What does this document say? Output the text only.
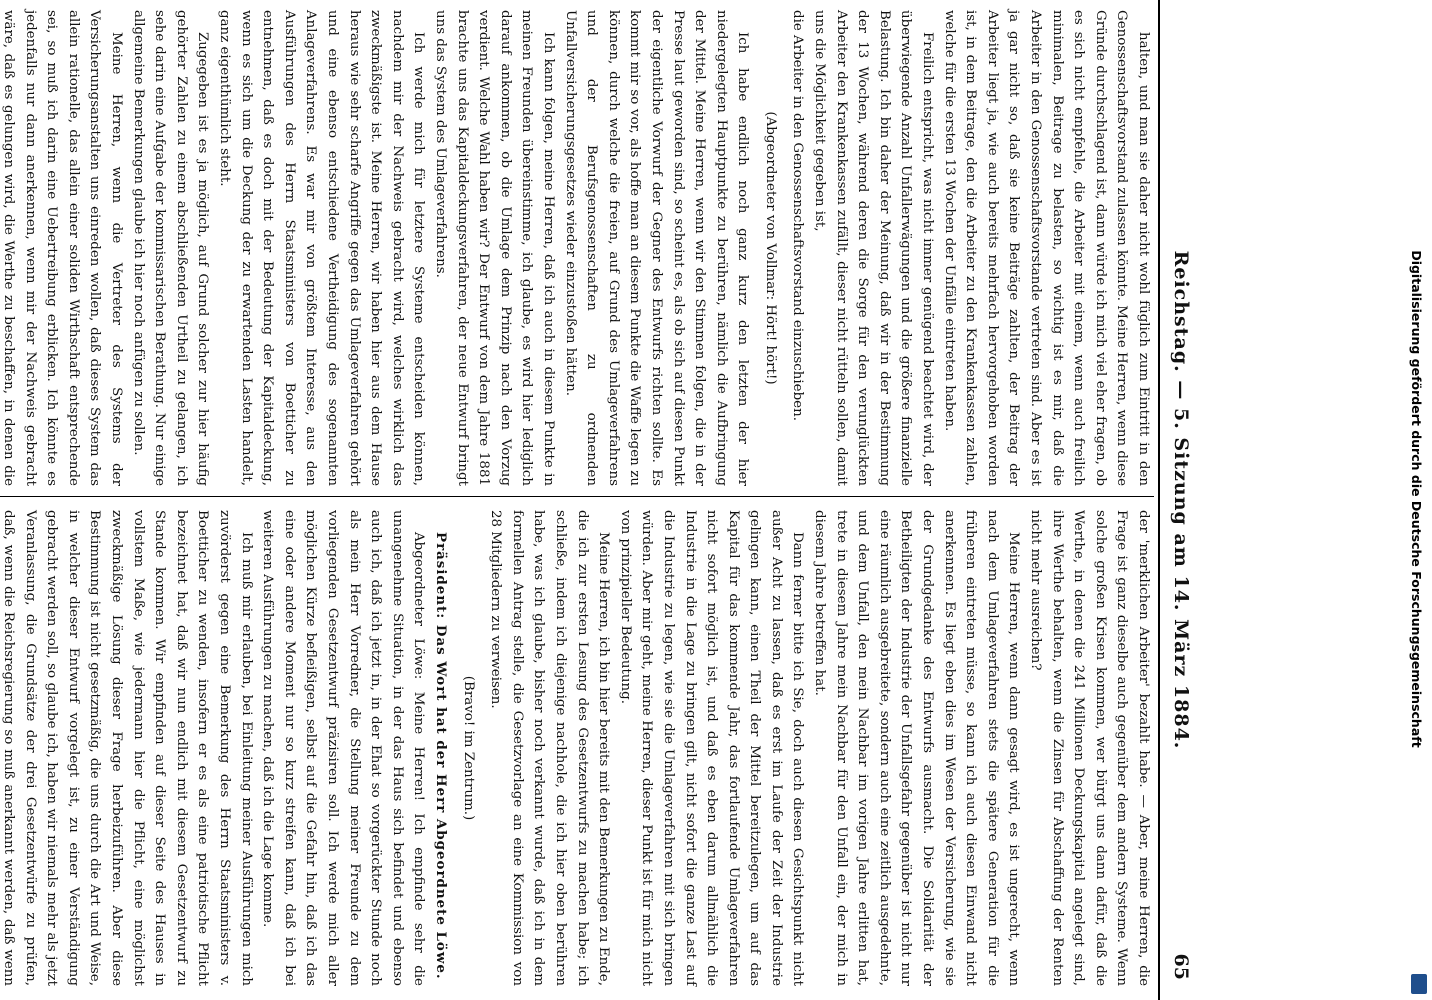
Reichstag. — 5. Sitzung am 14. März 1884.
65

halten, und man sie daher nicht wohl füglich zum Eintritt in den Genossenschaftsvorstand zulassen könnte. Meine Herren, wenn diese Gründe durchschlagend ist, dann würde ich mich viel eher fragen, ob es sich nicht empfehle, die Arbeiter mit einem, wenn auch freilich minimalen, Beitrage zu belasten, so wichtig ist es mir, daß die Arbeiter in den Genossenschaftsvorstande vertreten sind. Aber es ist ja gar nicht so, daß sie keine Beiträge zahlten, der Beitrag der Arbeiter liegt ja, wie auch bereits mehrfach hervorgehoben worden ist, in dem Beitrage, den die Arbeiter zu den Krankenkassen zahlen, welche für die ersten 13 Wochen der Unfälle eintreten haben.

Freilich entspricht, was nicht immer genügend beachtet wird, der überwiegende Anzahl Unfallerwägungen und die größere finanzielle Belastung. Ich bin daher der Meinung, daß wir in der Bestimmung der 13 Wochen, während deren die Sorge für den verunglückten Arbeiter den Krankenkassen zufällt, dieser nicht rütteln sollen, damit uns die Möglichkeit gegeben ist,

die Arbeiter in den Genossenschaftsvorstand einzuschieben.

(Abgeordneter von Vollmar: Hört! hört!)

Ich habe endlich noch ganz kurz den letzten der hier niedergelegten Hauptpunkte zu berühren, nämlich die Aufbringung der Mittel. Meine Herren, wenn wir den Stimmen folgen, die in der Presse laut geworden sind, so scheint es, als ob sich auf diesen Punkt der eigentliche Vorwurf der Gegner des Entwurfs richten sollte. Es kommt mir so vor, als hoffe man an diesem Punkte die Waffe legen zu können, durch welche die freien, auf Grund des Umlageverfahrens und der Berufsgenossenschaften zu ordnenden Unfallversicherungsgesetzes wieder einzustoßen hätten.

Ich kann folgen, meine Herren, daß ich auch in diesem Punkte in meinen Freunden übereinstimme, ich glaube, es wird hier lediglich darauf ankommen, ob die Umlage dem Prinzip nach den Vorzug verdient. Welche Wahl haben wir? Der Entwurf von dem Jahre 1881 brachte uns das Kapitaldeckungsverfahren, der neue Entwurf bringt uns das System des Umlageverfahrens.

Ich werde mich für letztere Systeme entscheiden können, nachdem mir der Nachweis gebracht wird, welches wirklich das zweckmäßigste ist. Meine Herren, wir haben hier aus dem Hause heraus wie sehr scharfe Angriffe gegen das Umlageverfahren gehört und eine ebenso entschiedene Vertheidigung des sogenannten Anlageverfahrens. Es war mir von größtem Interesse, aus den Ausführungen des Herrn Staatsministers von Boetticher zu entnehmen, daß es doch mit der Bedeutung der Kapitaldeckung, wenn es sich um die Deckung der zu erwartenden Lasten handelt, ganz eigenthümlich steht.

Zugegeben ist es ja möglich, auf Grund solcher zur hier häufig gehörter Zahlen zu einem abschließenden Urtheil zu gelangen, ich sehe darin eine Aufgabe der kommissarischen Berathung. Nur einige allgemeine Bemerkungen glaube ich hier noch anfügen zu sollen.

Meine Herren, wenn die Vertreter des Systems der Versicherungsanstalten uns einreden wollen, daß dieses System das allein rationelle, das allein einer soliden Wirthschaft entsprechende sei, so muß ich darin eine Uebertreibung erblicken. Ich könnte es jedenfalls nur dann anerkennen, wenn mir der Nachweis gebracht wäre, daß es gelungen wird, die Werthe zu beschaffen, in denen die

der 'merklichen Arbeiter' bezahlt habe. — Aber, meine Herren, die Frage ist ganz dieselbe auch gegenüber dem andern Systeme. Wenn solche großen Krisen kommen, wer bürgt uns dann dafür, daß die Werthe, in denen die 241 Millionen Deckungskapital angelegt sind, ihre Werthe behalten, wenn die Zinsen für Abschaffung der Renten nicht mehr ausreichen?

Meine Herren, wenn dann gesagt wird, es ist ungerecht, wenn nach dem Umlageverfahren stets die spätere Generation für die früheren eintreten müsse, so kann ich auch diesen Einwand nicht anerkennen. Es liegt eben dies im Wesen der Versicherung, wie sie der Grundgedanke des Entwurfs ausmacht. Die Solidarität der Betheiligten der Industrie der Unfallsgefahr gegenüber ist nicht nur eine räumlich ausgebreitete, sondern auch eine zeitlich ausgedehnte, und dem Unfall, den mein Nachbar im vorigen Jahre erlitten hat, trete in diesem Jahre mein Nachbar für den Unfall ein, der mich in diesem Jahre betreffen hat.

Dann ferner bitte ich Sie, doch auch diesen Gesichtspunkt nicht außer Acht zu lassen, daß es erst im Laufe der Zeit der Industrie gelingen kann, einen Theil der Mittel bereitzulegen, um auf das Kapital für das kommende Jahr, das fortlaufende Umlageverfahren nicht sofort möglich ist, und daß es eben darum allmählich die Industrie in die Lage zu bringen gilt, nicht sofort die ganze Last auf die Industrie zu legen, wie sie die Umlageverfahren mit sich bringen würden. Aber mir geht, meine Herren, dieser Punkt ist für mich nicht von prinzipieller Bedeutung.

Meine Herren, ich bin hier bereits mit den Bemerkungen zu Ende, die ich zur ersten Lesung des Gesetzentwurfs zu machen habe; ich schließe, indem ich diejenige nachhole, die ich hier oben berühren habe, was ich glaube, bisher noch verkannt wurde, daß ich in dem formellen Antrag stelle, die Gesetzvorlage an eine Kommission von 28 Mitgliedern zu verweisen.

(Bravo! im Zentrum.)

Präsident: Das Wort hat der Herr Abgeordnete Löwe.

Abgeordneter Löwe: Meine Herren! Ich empfinde sehr die unangenehme Situation, in der das Haus sich befindet und ebenso auch ich, daß ich jetzt in, in der Ehat so vorgerückter Stunde noch als mein Herr Vorredner, die Stellung meiner Freunde zu dem vorliegenden Gesetzentwurf präzisiren soll. Ich werde mich aller möglichen Kürze befleißigen, selbst auf die Gefahr hin, daß ich das eine oder andere Moment nur so kurz streifen kann, daß ich bei weiteren Ausführungen zu machen, daß ich die Lage komme.

Ich muß mir erlauben, bei Einleitung meiner Ausführungen mich zuvörderst gegen eine Bemerkung des Herrn Staatsministers v. Boetticher zu wenden, insofern er es als eine patriotische Pflicht bezeichnet hat, daß wir nun endlich mit diesem Gesetzentwurf zu Stande kommen. Wir empfinden auf dieser Seite des Hauses in vollstem Maße, wie jedermann hier die Pflicht, eine möglichst zweckmäßige Lösung dieser Frage herbeizuführen. Aber diese Bestimmung ist nicht gesetzmäßig, die uns durch die Art und Weise, in welcher dieser Entwurf vorgelegt ist, zu einer Verständigung gebracht werden soll, so glaube ich, haben wir niemals mehr als jetzt Veranlassung, die Grundsätze der drei Gesetzentwürfe zu prüfen, daß, wenn die Reichsregierung so muß anerkannt werden, daß wenn

Digitalisierung gefördert durch die Deutsche Forschungsgemeinschaft
